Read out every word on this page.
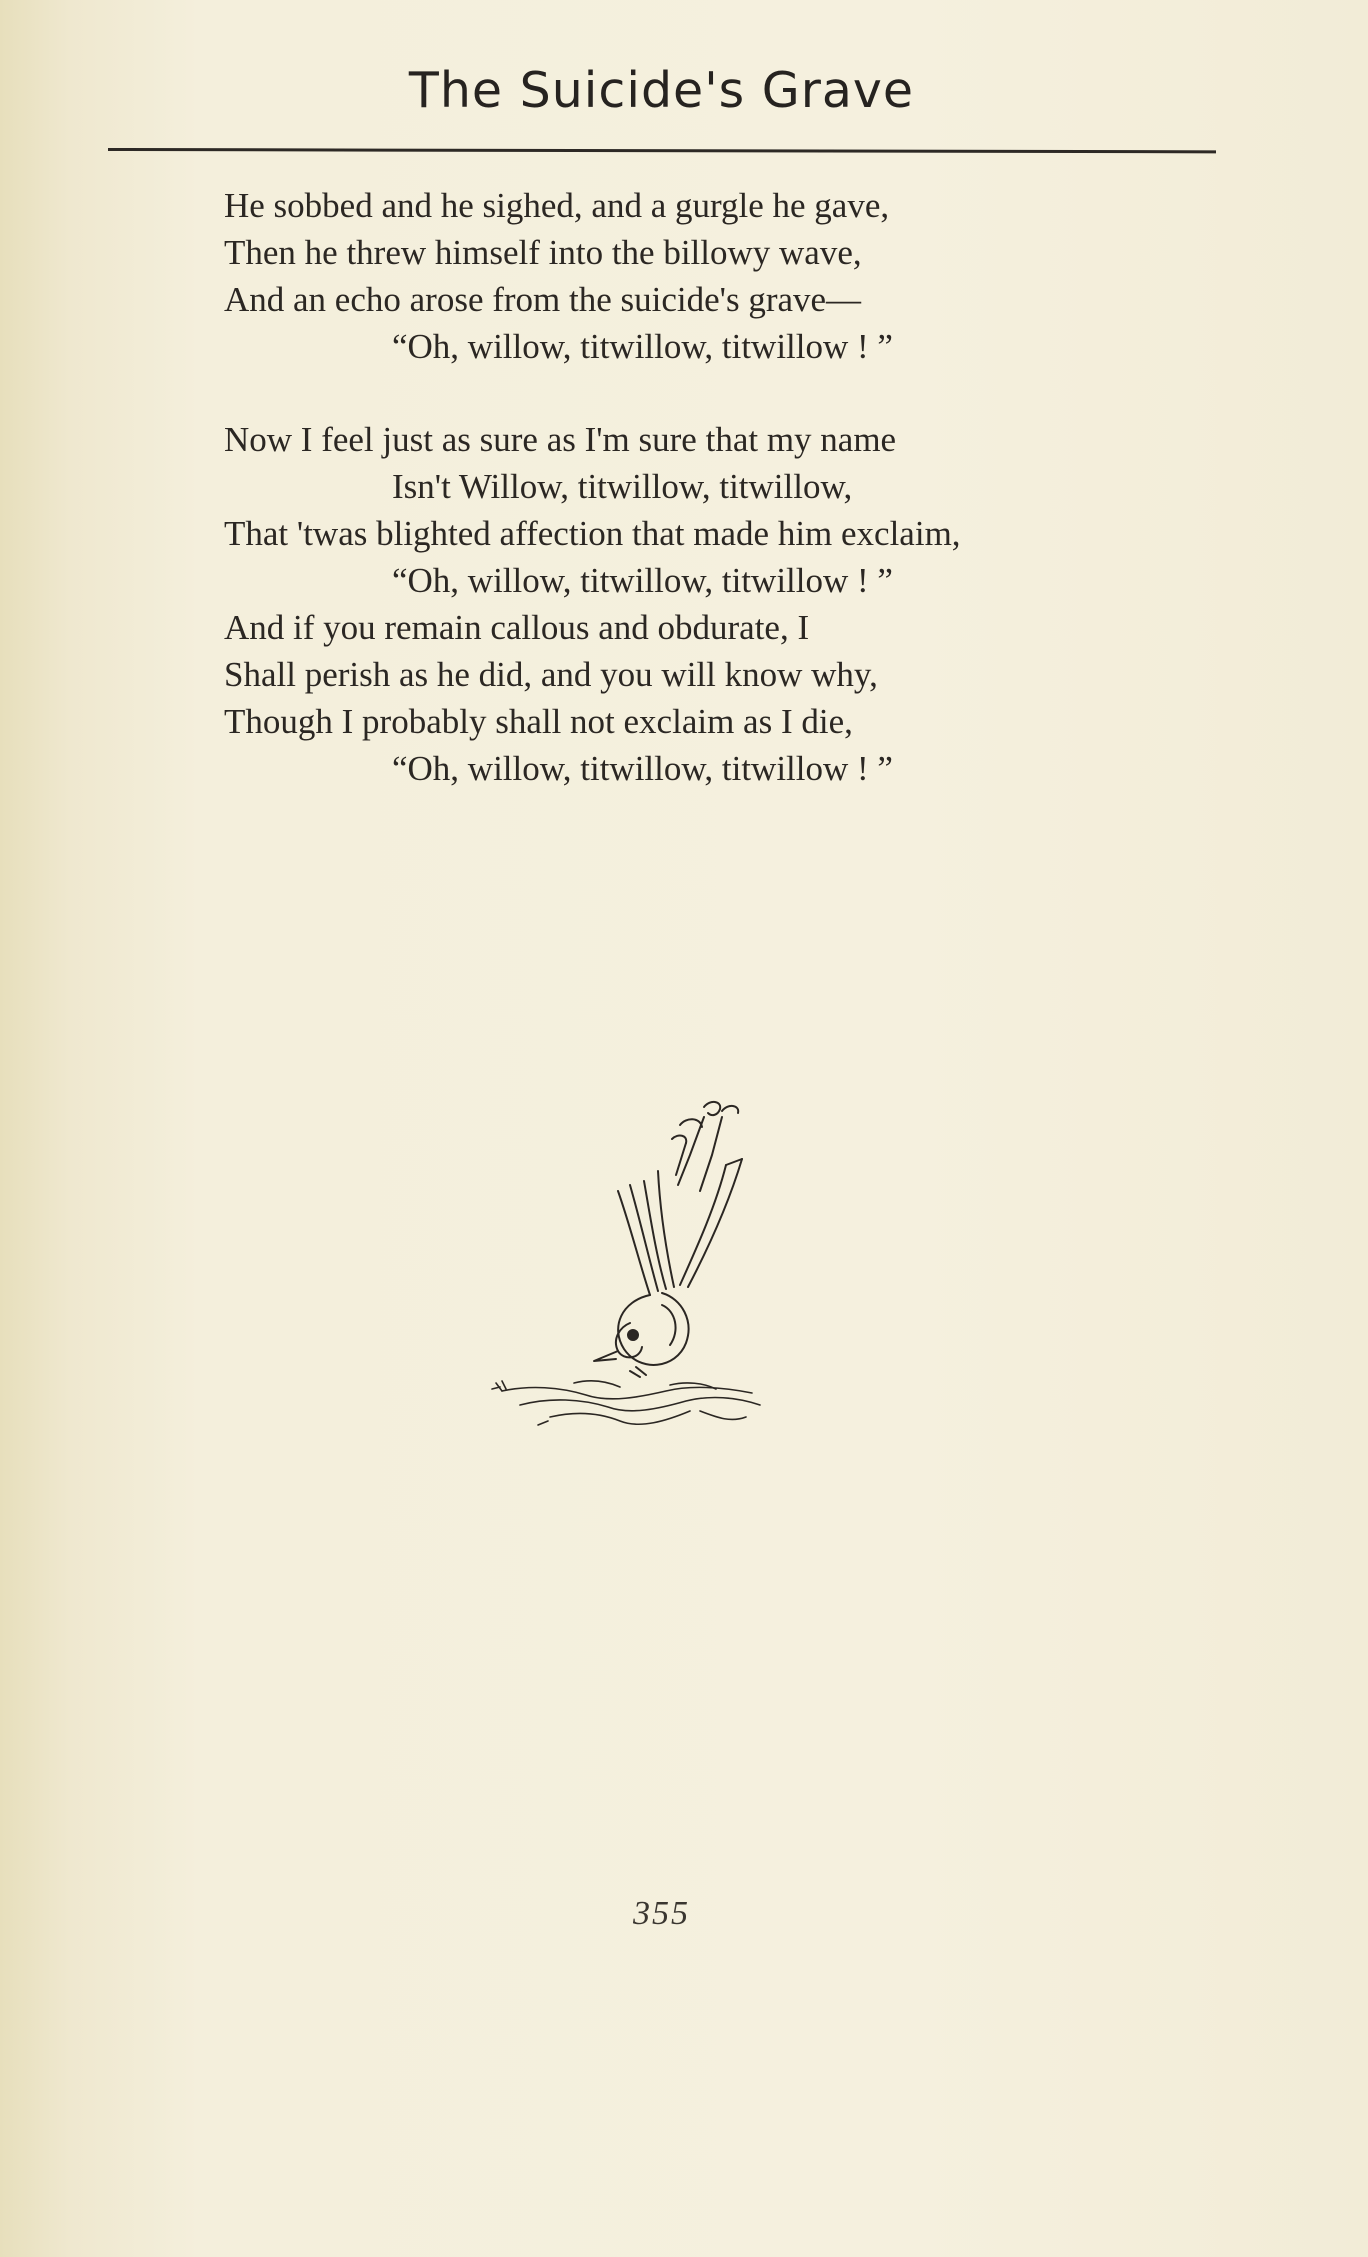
The Suicide's Grave
He sobbed and he sighed, and a gurgle he gave,
Then he threw himself into the billowy wave,
And an echo arose from the suicide's grave—
“Oh, willow, titwillow, titwillow ! ”
Now I feel just as sure as I'm sure that my name
Isn't Willow, titwillow, titwillow,
That 'twas blighted affection that made him exclaim,
“Oh, willow, titwillow, titwillow ! ”
And if you remain callous and obdurate, I
Shall perish as he did, and you will know why,
Though I probably shall not exclaim as I die,
“Oh, willow, titwillow, titwillow ! ”
355
